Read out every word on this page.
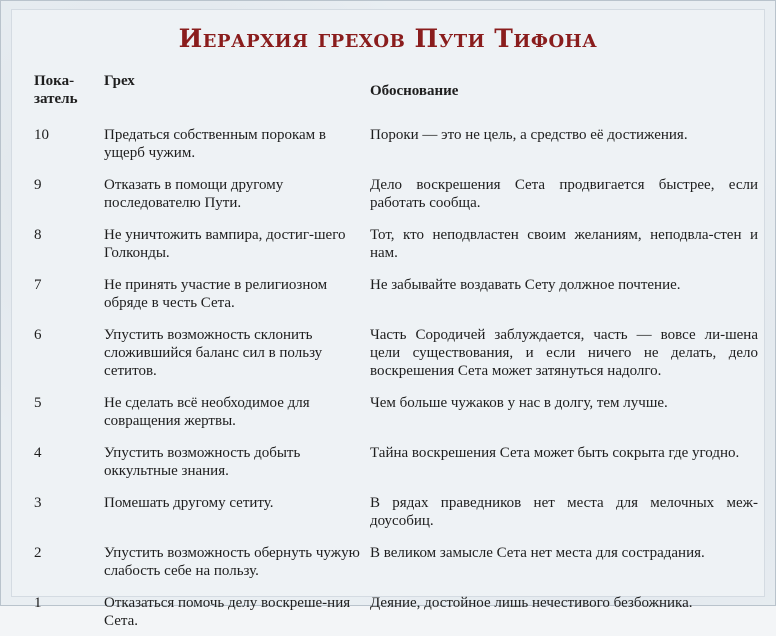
Иерархия грехов Пути Тифона
Пока-
затель	Грех	Обоснование
10	Предаться собственным порокам в ущерб чужим.	Пороки — это не цель, а средство её достижения.
9	Отказать в помощи другому последователю Пути.	Дело воскрешения Сета продвигается быстрее, если работать сообща.
8	Не уничтожить вампира, достиг-шего Голконды.	Тот, кто неподвластен своим желаниям, неподвла-стен и нам.
7	Не принять участие в религиозном обряде в честь Сета.	Не забывайте воздавать Сету должное почтение.
6	Упустить возможность склонить сложившийся баланс сил в пользу сетитов.	Часть Сородичей заблуждается, часть — вовсе ли-шена цели существования, и если ничего не делать, дело воскрешения Сета может затянуться надолго.
5	Не сделать всё необходимое для совращения жертвы.	Чем больше чужаков у нас в долгу, тем лучше.
4	Упустить возможность добыть оккультные знания.	Тайна воскрешения Сета может быть сокрыта где угодно.
3	Помешать другому сетиту.	В рядах праведников нет места для мелочных меж-доусобиц.
2	Упустить возможность обернуть чужую слабость себе на пользу.	В великом замысле Сета нет места для сострадания.
1	Отказаться помочь делу воскреше-ния Сета.	Деяние, достойное лишь нечестивого безбожника.
